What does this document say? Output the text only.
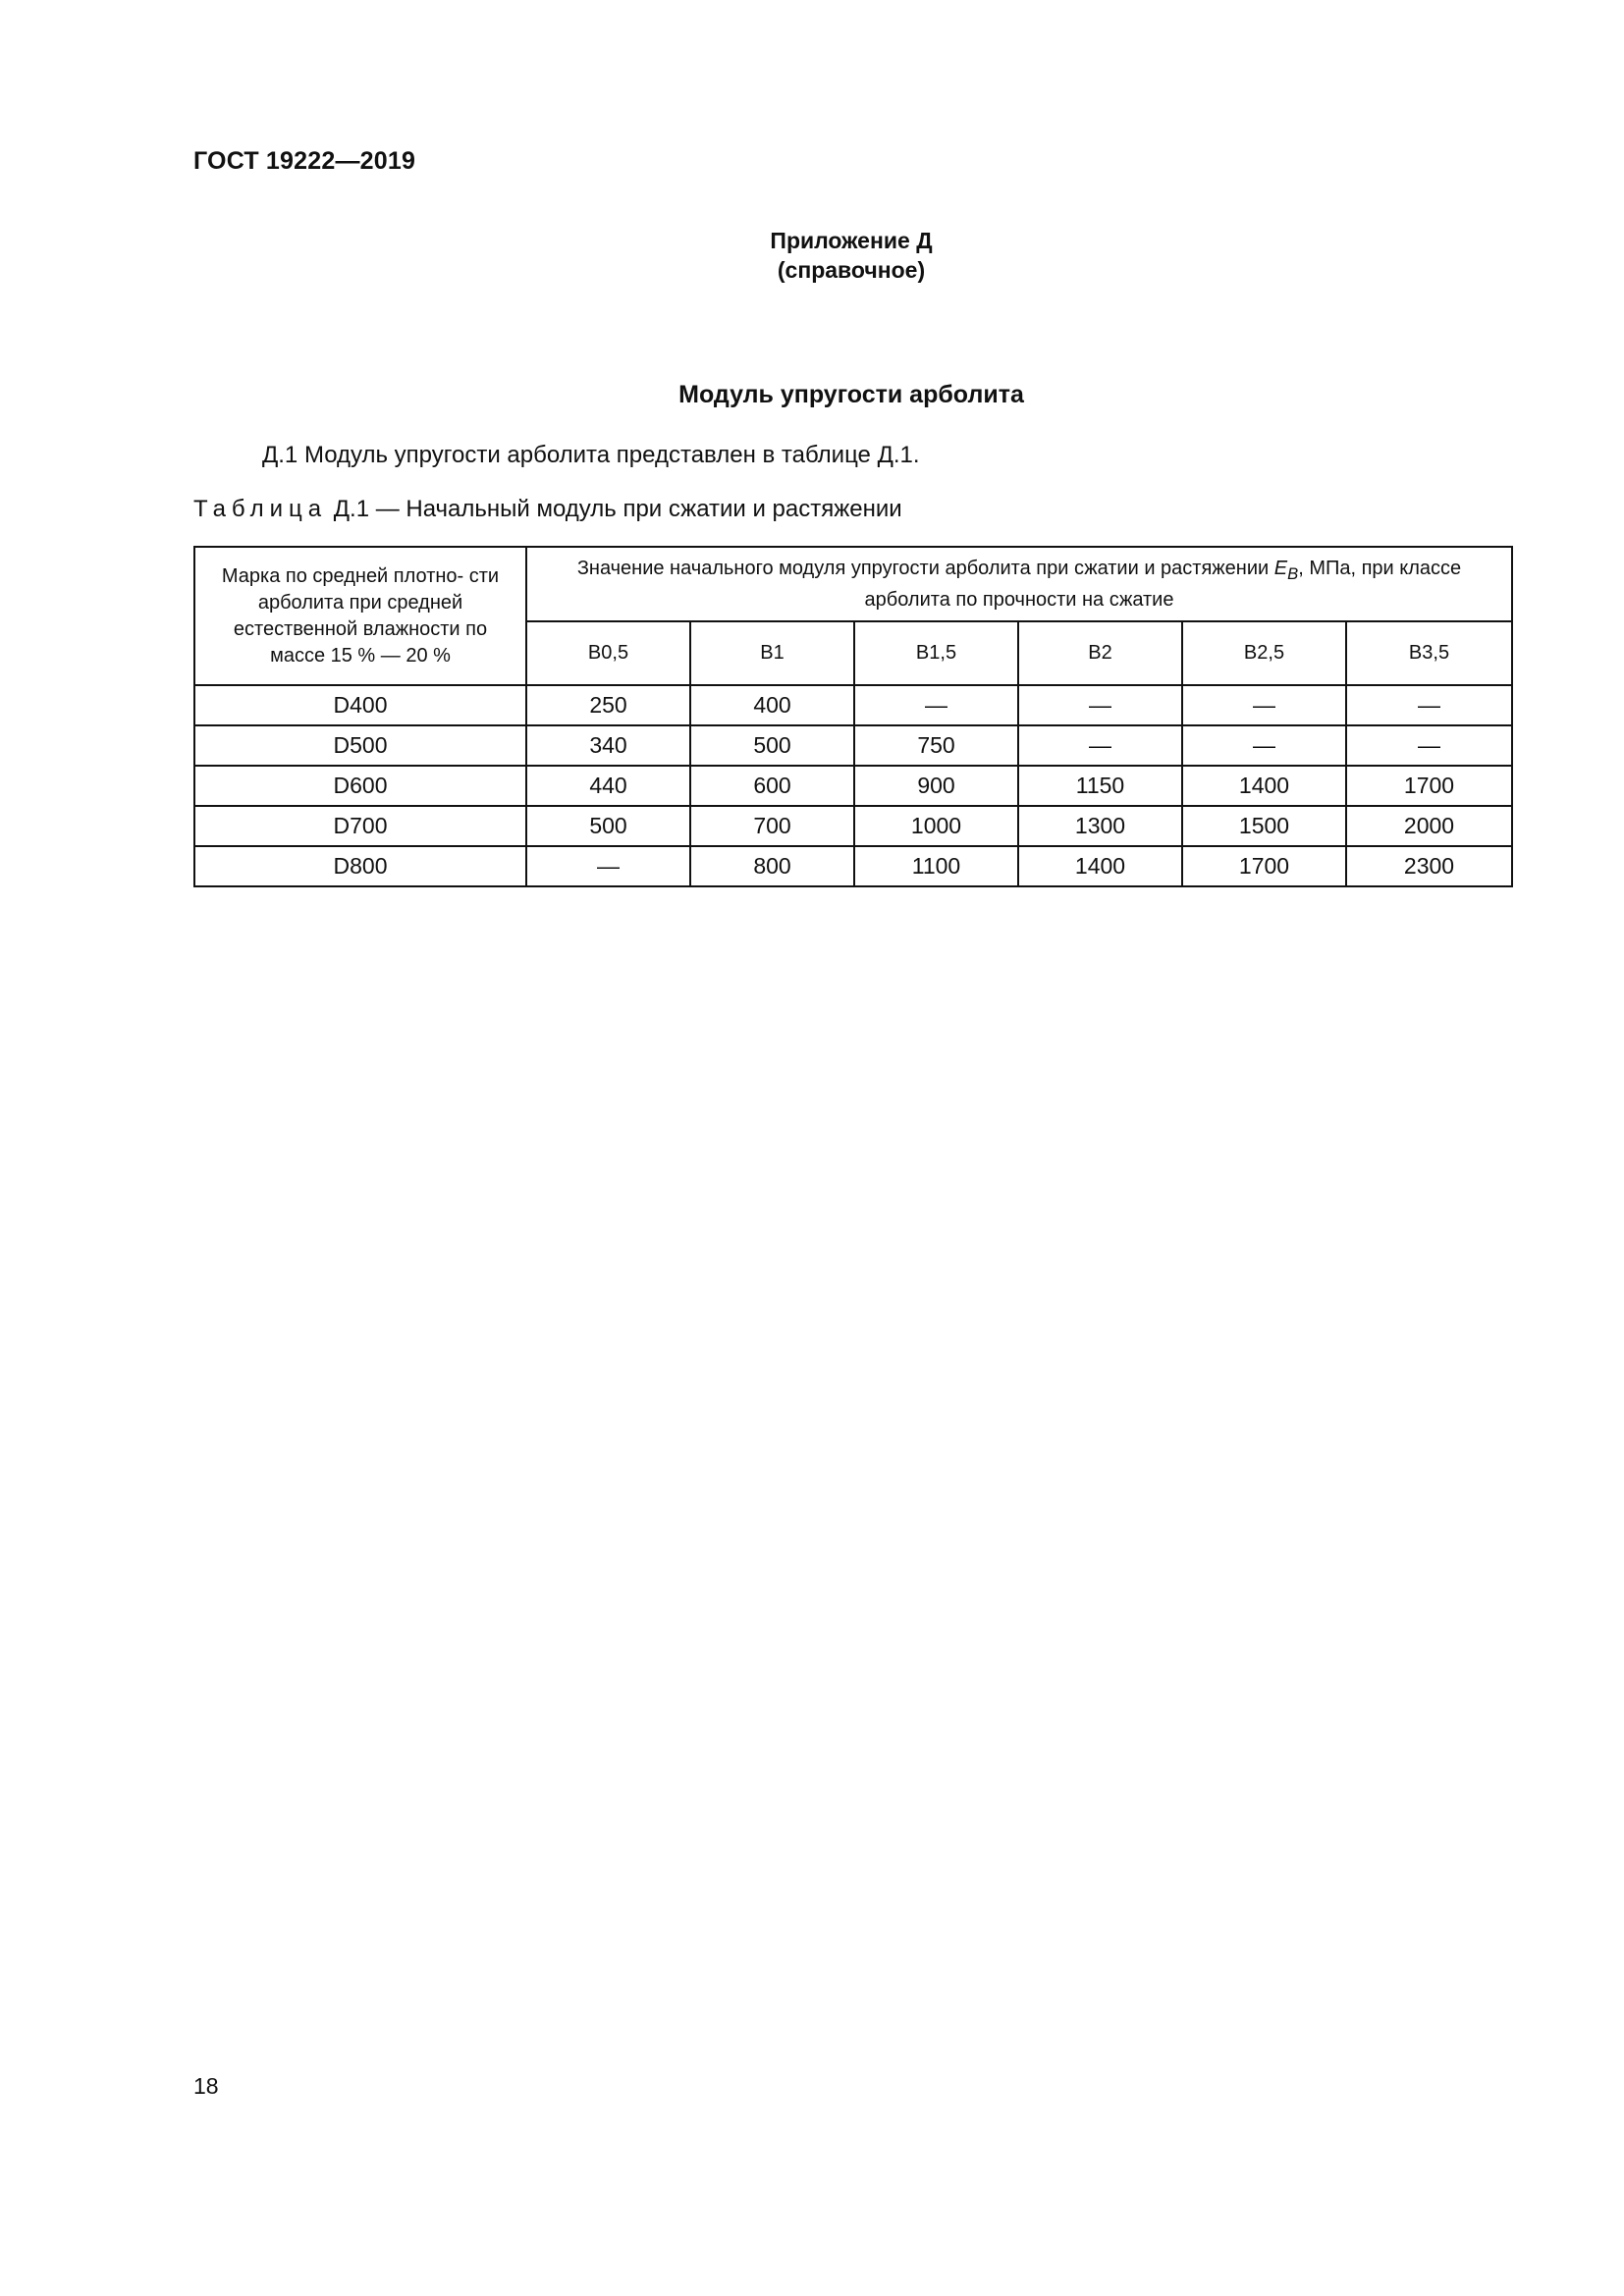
ГОСТ 19222—2019
Приложение Д
(справочное)
Модуль упругости арболита
Д.1 Модуль упругости арболита представлен в таблице Д.1.
Таблица Д.1 — Начальный модуль при сжатии и растяжении
Марка по средней плотно- сти арболита при средней естественной влажности по массе 15 % — 20 %	Значение начального модуля упругости арболита при сжатии и растяжении $E_B$, МПа, при классе арболита по прочности на сжатие					
	В0,5	В1	В1,5	В2	В2,5	В3,5
D400	250	400	—	—	—	—
D500	340	500	750	—	—	—
D600	440	600	900	1150	1400	1700
D700	500	700	1000	1300	1500	2000
D800	—	800	1100	1400	1700	2300
18
